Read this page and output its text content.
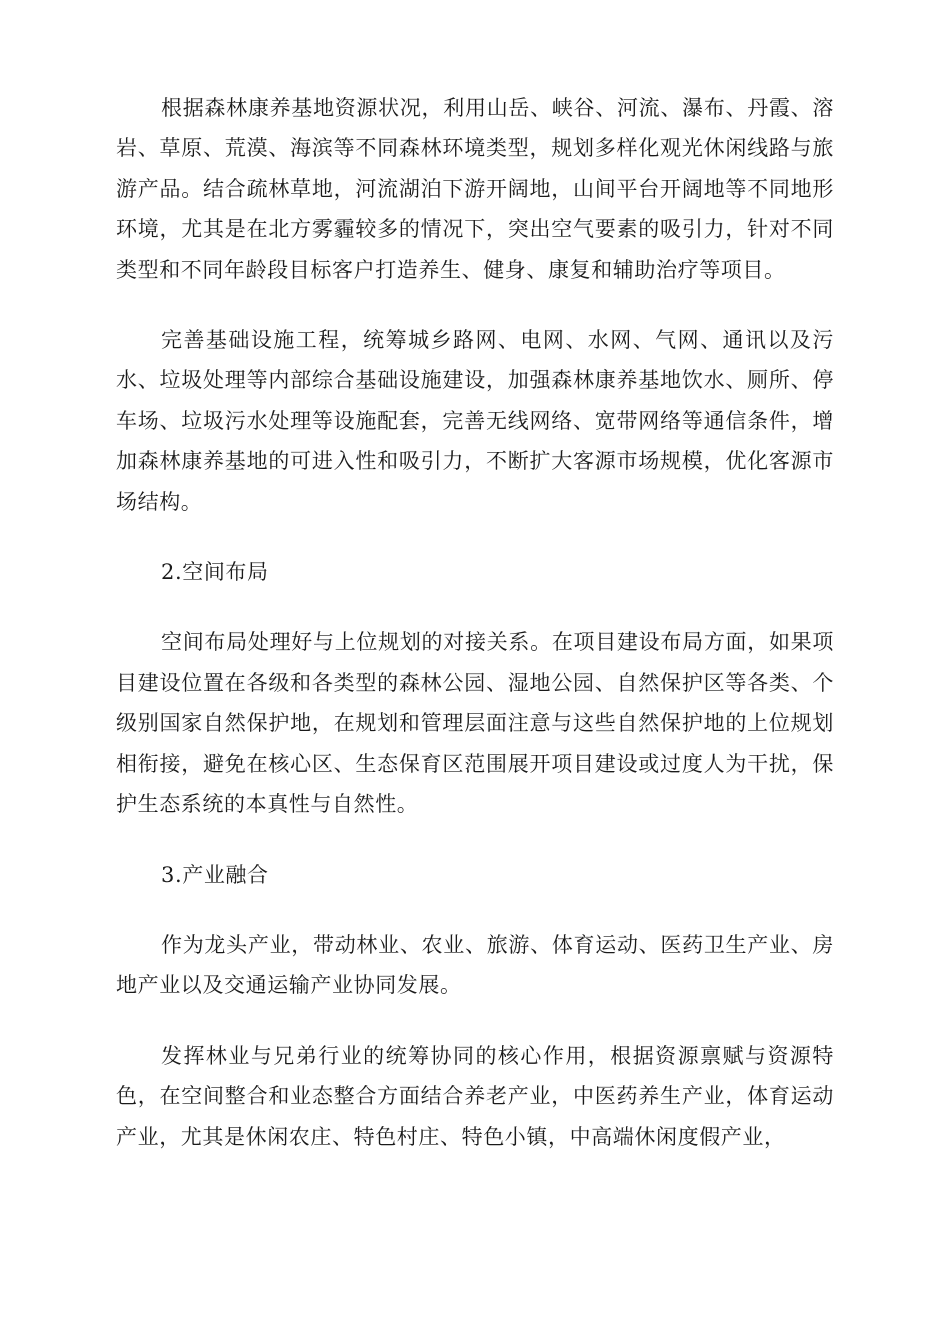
根据森林康养基地资源状况，利用山岳、峡谷、河流、瀑布、丹霞、溶岩、草原、荒漠、海滨等不同森林环境类型，规划多样化观光休闲线路与旅游产品。结合疏林草地，河流湖泊下游开阔地，山间平台开阔地等不同地形环境，尤其是在北方雾霾较多的情况下，突出空气要素的吸引力，针对不同类型和不同年龄段目标客户打造养生、健身、康复和辅助治疗等项目。

完善基础设施工程，统筹城乡路网、电网、水网、气网、通讯以及污水、垃圾处理等内部综合基础设施建设，加强森林康养基地饮水、厕所、停车场、垃圾污水处理等设施配套，完善无线网络、宽带网络等通信条件，增加森林康养基地的可进入性和吸引力，不断扩大客源市场规模，优化客源市场结构。

2.空间布局

空间布局处理好与上位规划的对接关系。在项目建设布局方面，如果项目建设位置在各级和各类型的森林公园、湿地公园、自然保护区等各类、个级别国家自然保护地，在规划和管理层面注意与这些自然保护地的上位规划相衔接，避免在核心区、生态保育区范围展开项目建设或过度人为干扰，保护生态系统的本真性与自然性。

3.产业融合

作为龙头产业，带动林业、农业、旅游、体育运动、医药卫生产业、房地产业以及交通运输产业协同发展。

发挥林业与兄弟行业的统筹协同的核心作用，根据资源禀赋与资源特色，在空间整合和业态整合方面结合养老产业，中医药养生产业，体育运动产业，尤其是休闲农庄、特色村庄、特色小镇，中高端休闲度假产业，
